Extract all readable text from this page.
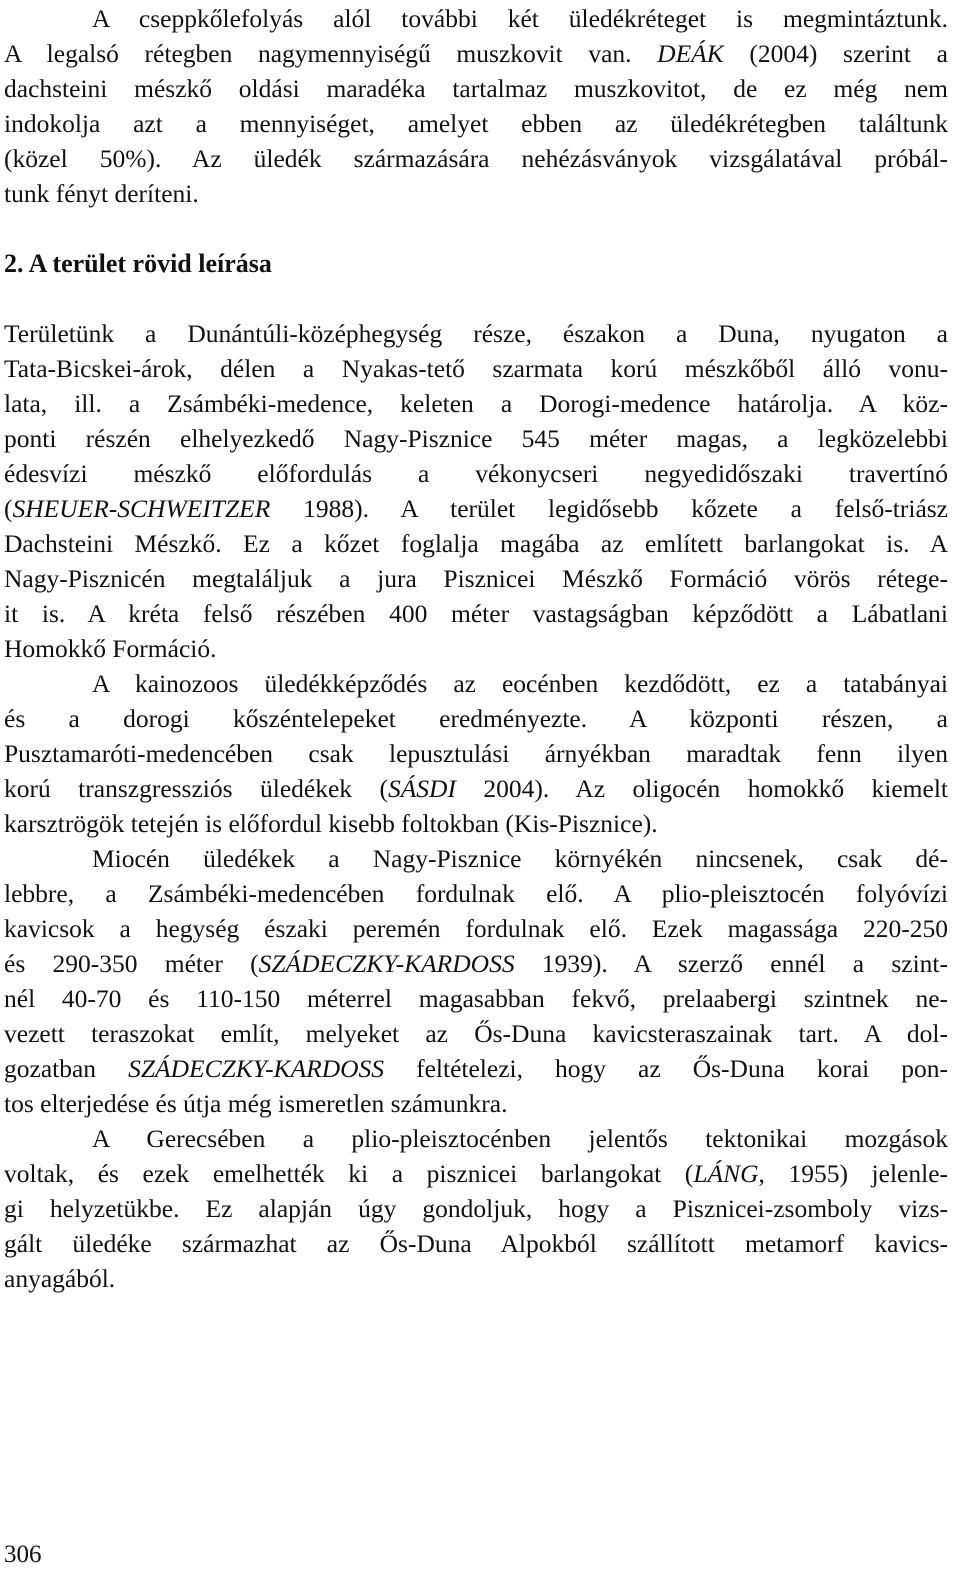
A cseppkőlefolyás alól további két üledékréteget is megmintáztunk.
A legalsó rétegben nagymennyiségű muszkovit van. DEÁK (2004) szerint a
dachsteini mészkő oldási maradéka tartalmaz muszkovitot, de ez még nem
indokolja azt a mennyiséget, amelyet ebben az üledékrétegben találtunk
(közel 50%). Az üledék származására nehézásványok vizsgálatával próbál-
tunk fényt deríteni.
2. A terület rövid leírása
Területünk a Dunántúli-középhegység része, északon a Duna, nyugaton a
Tata-Bicskei-árok, délen a Nyakas-tető szarmata korú mészkőből álló vonu-
lata, ill. a Zsámbéki-medence, keleten a Dorogi-medence határolja. A köz-
ponti részén elhelyezkedő Nagy-Pisznice 545 méter magas, a legközelebbi
édesvízi mészkő előfordulás a vékonycseri negyedidőszaki travertínó
(SHEUER-SCHWEITZER 1988). A terület legidősebb kőzete a felső-triász
Dachsteini Mészkő. Ez a kőzet foglalja magába az említett barlangokat is. A
Nagy-Pisznicén megtaláljuk a jura Pisznicei Mészkő Formáció vörös rétege-
it is. A kréta felső részében 400 méter vastagságban képződött a Lábatlani
Homokkő Formáció.
A kainozoos üledékképződés az eocénben kezdődött, ez a tatabányai
és a dorogi kőszéntelepeket eredményezte. A központi részen, a
Pusztamaróti-medencében csak lepusztulási árnyékban maradtak fenn ilyen
korú transzgressziós üledékek (SÁSDI 2004). Az oligocén homokkő kiemelt
karsztrögök tetején is előfordul kisebb foltokban (Kis-Pisznice).
Miocén üledékek a Nagy-Pisznice környékén nincsenek, csak dé-
lebbre, a Zsámbéki-medencében fordulnak elő. A plio-pleisztocén folyóvízi
kavicsok a hegység északi peremén fordulnak elő. Ezek magassága 220-250
és 290-350 méter (SZÁDECZKY-KARDOSS 1939). A szerző ennél a szint-
nél 40-70 és 110-150 méterrel magasabban fekvő, prelaabergi szintnek ne-
vezett teraszokat említ, melyeket az Ős-Duna kavicsteraszainak tart. A dol-
gozatban SZÁDECZKY-KARDOSS feltételezi, hogy az Ős-Duna korai pon-
tos elterjedése és útja még ismeretlen számunkra.
A Gerecsében a plio-pleisztocénben jelentős tektonikai mozgások
voltak, és ezek emelhették ki a pisznicei barlangokat (LÁNG, 1955) jelenle-
gi helyzetükbe. Ez alapján úgy gondoljuk, hogy a Pisznicei-zsomboly vizs-
gált üledéke származhat az Ős-Duna Alpokból szállított metamorf kavics-
anyagából.
306
